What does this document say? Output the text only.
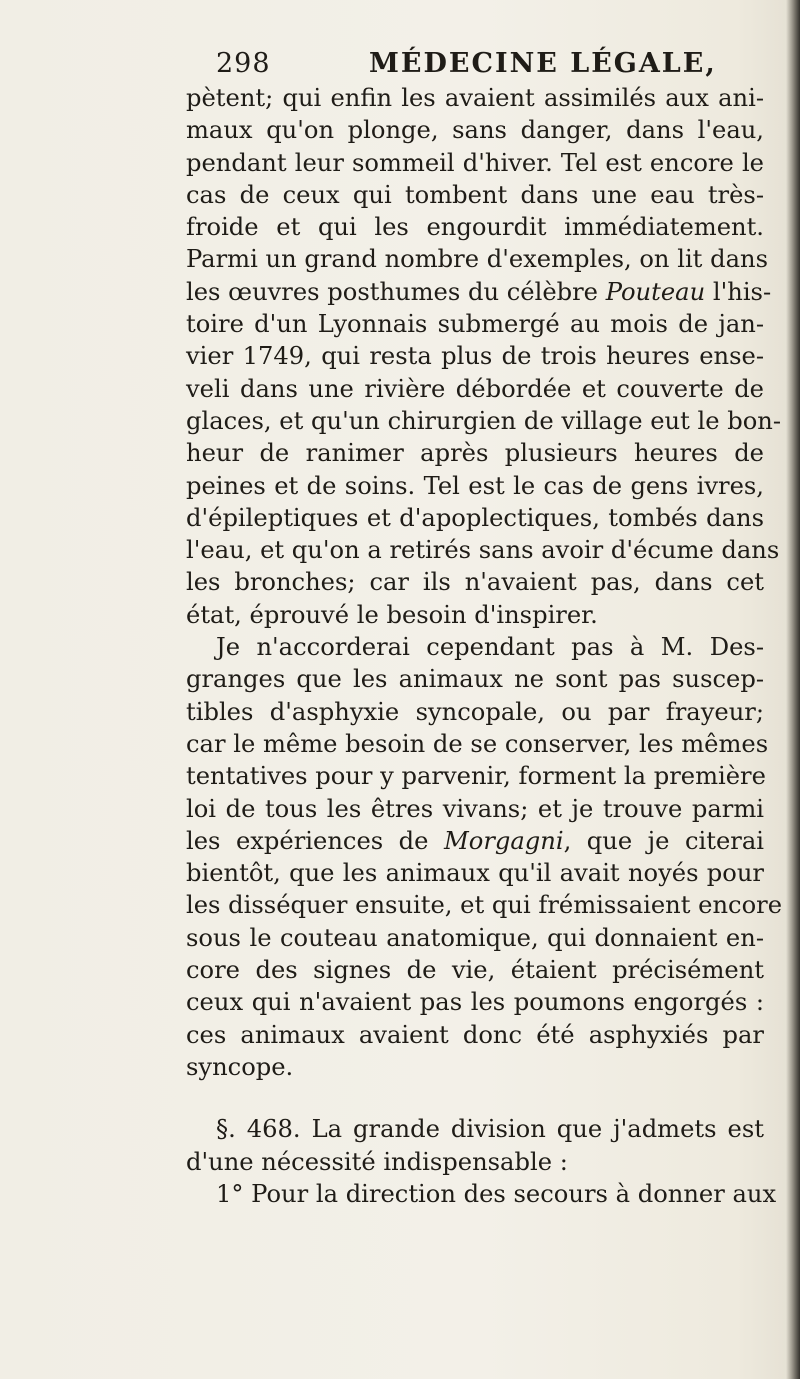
298	MÉDECINE LÉGALE,
pètent; qui enfin les avaient assimilés aux ani-
maux qu'on plonge, sans danger, dans l'eau,
pendant leur sommeil d'hiver. Tel est encore le
cas de ceux qui tombent dans une eau très-
froide et qui les engourdit immédiatement.
Parmi un grand nombre d'exemples, on lit dans
les œuvres posthumes du célèbre Pouteau l'his-
toire d'un Lyonnais submergé au mois de jan-
vier 1749, qui resta plus de trois heures ense-
veli dans une rivière débordée et couverte de
glaces, et qu'un chirurgien de village eut le bon-
heur de ranimer après plusieurs heures de
peines et de soins. Tel est le cas de gens ivres,
d'épileptiques et d'apoplectiques, tombés dans
l'eau, et qu'on a retirés sans avoir d'écume dans
les bronches; car ils n'avaient pas, dans cet
état, éprouvé le besoin d'inspirer.
Je n'accorderai cependant pas à M. Des-
granges que les animaux ne sont pas suscep-
tibles d'asphyxie syncopale, ou par frayeur;
car le même besoin de se conserver, les mêmes
tentatives pour y parvenir, forment la première
loi de tous les êtres vivans; et je trouve parmi
les expériences de Morgagni, que je citerai
bientôt, que les animaux qu'il avait noyés pour
les disséquer ensuite, et qui frémissaient encore
sous le couteau anatomique, qui donnaient en-
core des signes de vie, étaient précisément
ceux qui n'avaient pas les poumons engorgés :
ces animaux avaient donc été asphyxiés par
syncope.
§. 468. La grande division que j'admets est
d'une nécessité indispensable :
1° Pour la direction des secours à donner aux
